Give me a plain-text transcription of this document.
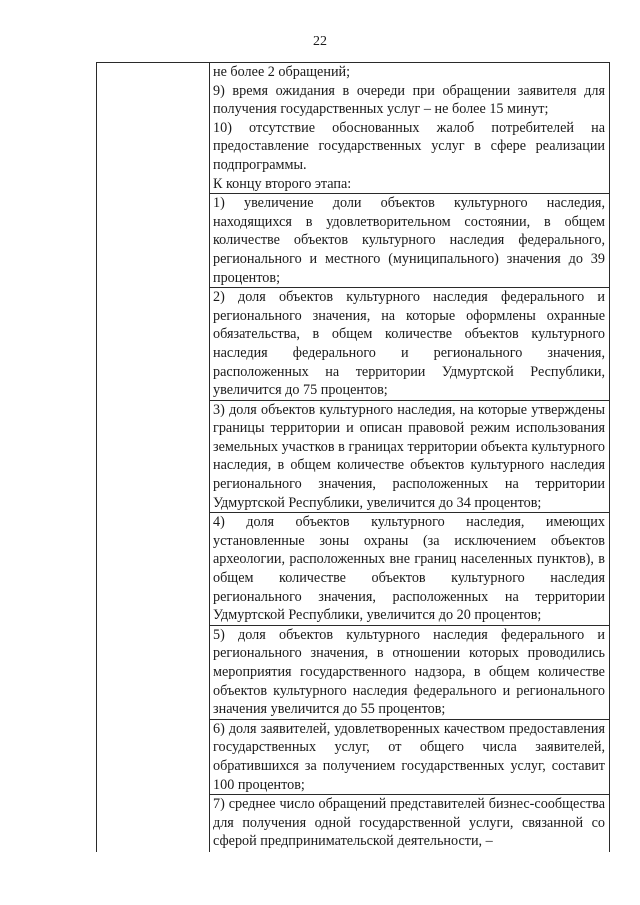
22

не более 2 обращений;

9) время ожидания в очереди при обращении заявителя для получения государственных услуг – не более 15 минут;

10) отсутствие обоснованных жалоб потребителей на предоставление государственных услуг в сфере реализации подпрограммы.

К концу второго этапа:

1) увеличение доли объектов культурного наследия, находящихся в удовлетворительном состоянии, в общем количестве объектов культурного наследия федерального, регионального и местного (муниципального) значения до 39 процентов;

2) доля объектов культурного наследия федерального и регионального значения, на которые оформлены охранные обязательства, в общем количестве объектов культурного наследия федерального и регионального значения, расположенных на территории Удмуртской Республики, увеличится до 75 процентов;

3) доля объектов культурного наследия, на которые утверждены границы территории и описан правовой режим использования земельных участков в границах территории объекта культурного наследия, в общем количестве объектов культурного наследия регионального значения, расположенных на территории Удмуртской Республики, увеличится до 34 процентов;

4) доля объектов культурного наследия, имеющих установленные зоны охраны (за исключением объектов археологии, расположенных вне границ населенных пунктов), в общем количестве объектов культурного наследия регионального значения, расположенных на территории Удмуртской Республики, увеличится до 20 процентов;

5) доля объектов культурного наследия федерального и регионального значения, в отношении которых проводились мероприятия государственного надзора, в общем количестве объектов культурного наследия федерального и регионального значения увеличится до 55 процентов;

6) доля заявителей, удовлетворенных качеством предоставления государственных услуг, от общего числа заявителей, обратившихся за получением государственных услуг, составит 100 процентов;

7) среднее число обращений представителей бизнес-сообщества для получения одной государственной услуги, связанной со сферой предпринимательской деятельности, –
